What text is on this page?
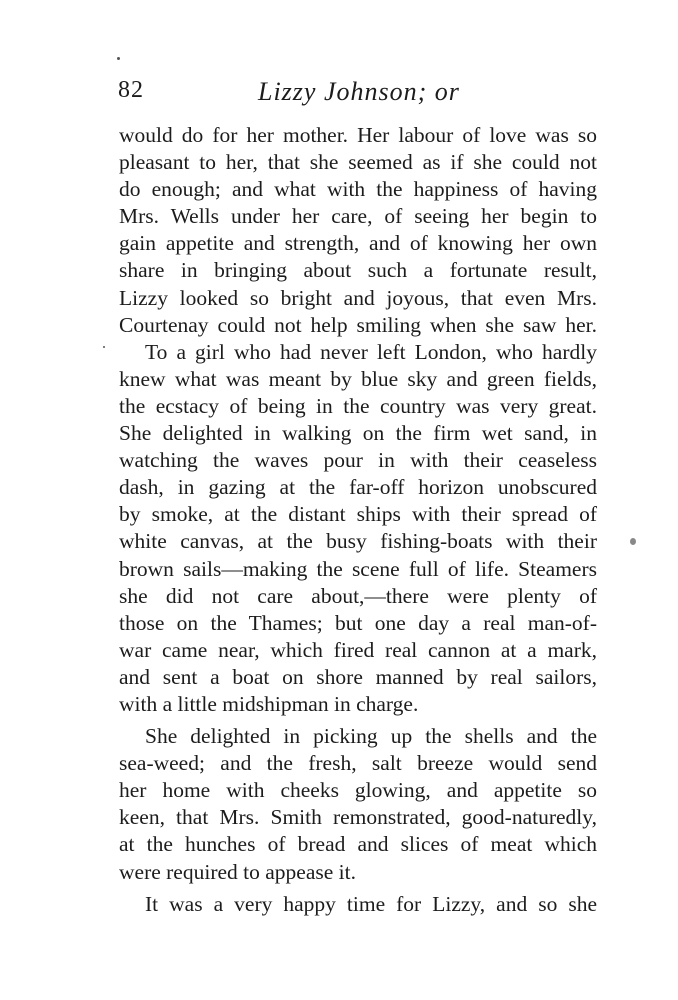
82	Lizzy Johnson; or
would do for her mother. Her labour of love was so
pleasant to her, that she seemed as if she could not
do enough; and what with the happiness of having
Mrs. Wells under her care, of seeing her begin to
gain appetite and strength, and of knowing her own
share in bringing about such a fortunate result,
Lizzy looked so bright and joyous, that even Mrs.
Courtenay could not help smiling when she saw her.
To a girl who had never left London, who hardly
knew what was meant by blue sky and green fields,
the ecstacy of being in the country was very great.
She delighted in walking on the firm wet sand, in
watching the waves pour in with their ceaseless
dash, in gazing at the far-off horizon unobscured
by smoke, at the distant ships with their spread of
white canvas, at the busy fishing-boats with their
brown sails—making the scene full of life. Steamers
she did not care about,—there were plenty of
those on the Thames; but one day a real man-of-
war came near, which fired real cannon at a mark,
and sent a boat on shore manned by real sailors,
with a little midshipman in charge.
She delighted in picking up the shells and the
sea-weed; and the fresh, salt breeze would send
her home with cheeks glowing, and appetite so
keen, that Mrs. Smith remonstrated, good-naturedly,
at the hunches of bread and slices of meat which
were required to appease it.
It was a very happy time for Lizzy, and so she
